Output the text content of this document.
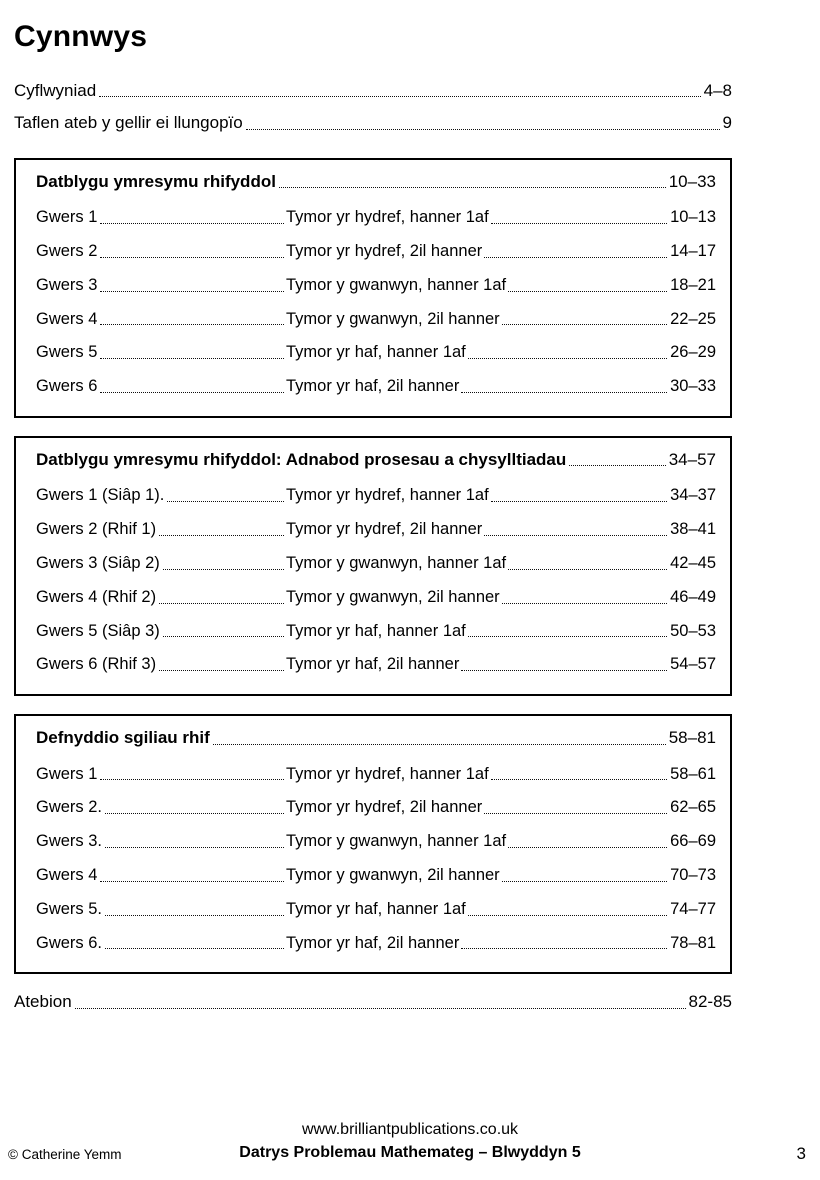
Cynnwys
Cyflwyniad	4–8
Taflen ateb y gellir ei llungopïo	9
Datblygu ymresymu rhifyddol	10–33
Gwers 1	Tymor yr hydref, hanner 1af	10–13
Gwers 2	Tymor yr hydref, 2il hanner	14–17
Gwers 3	Tymor y gwanwyn, hanner 1af	18–21
Gwers 4	Tymor y gwanwyn, 2il hanner	22–25
Gwers 5	Tymor yr haf, hanner 1af	26–29
Gwers 6	Tymor yr haf, 2il hanner	30–33
Datblygu ymresymu rhifyddol: Adnabod prosesau a chysylltiadau	34–57
Gwers 1 (Siâp 1).	Tymor yr hydref, hanner 1af	34–37
Gwers 2 (Rhif 1)	Tymor yr hydref, 2il hanner	38–41
Gwers 3 (Siâp 2)	Tymor y gwanwyn, hanner 1af	42–45
Gwers 4 (Rhif 2)	Tymor y gwanwyn, 2il hanner	46–49
Gwers 5 (Siâp 3)	Tymor yr haf, hanner 1af	50–53
Gwers 6 (Rhif 3)	Tymor yr haf, 2il hanner	54–57
Defnyddio sgiliau rhif	58–81
Gwers 1	Tymor yr hydref, hanner 1af	58–61
Gwers 2.	Tymor yr hydref, 2il hanner	62–65
Gwers 3.	Tymor y gwanwyn, hanner 1af	66–69
Gwers 4	Tymor y gwanwyn, 2il hanner	70–73
Gwers 5.	Tymor yr haf, hanner 1af	74–77
Gwers 6.	Tymor yr haf, 2il hanner	78–81
Atebion	82-85
© Catherine Yemm
www.brilliantpublications.co.uk
Datrys Problemau Mathemateg – Blwyddyn 5	3
